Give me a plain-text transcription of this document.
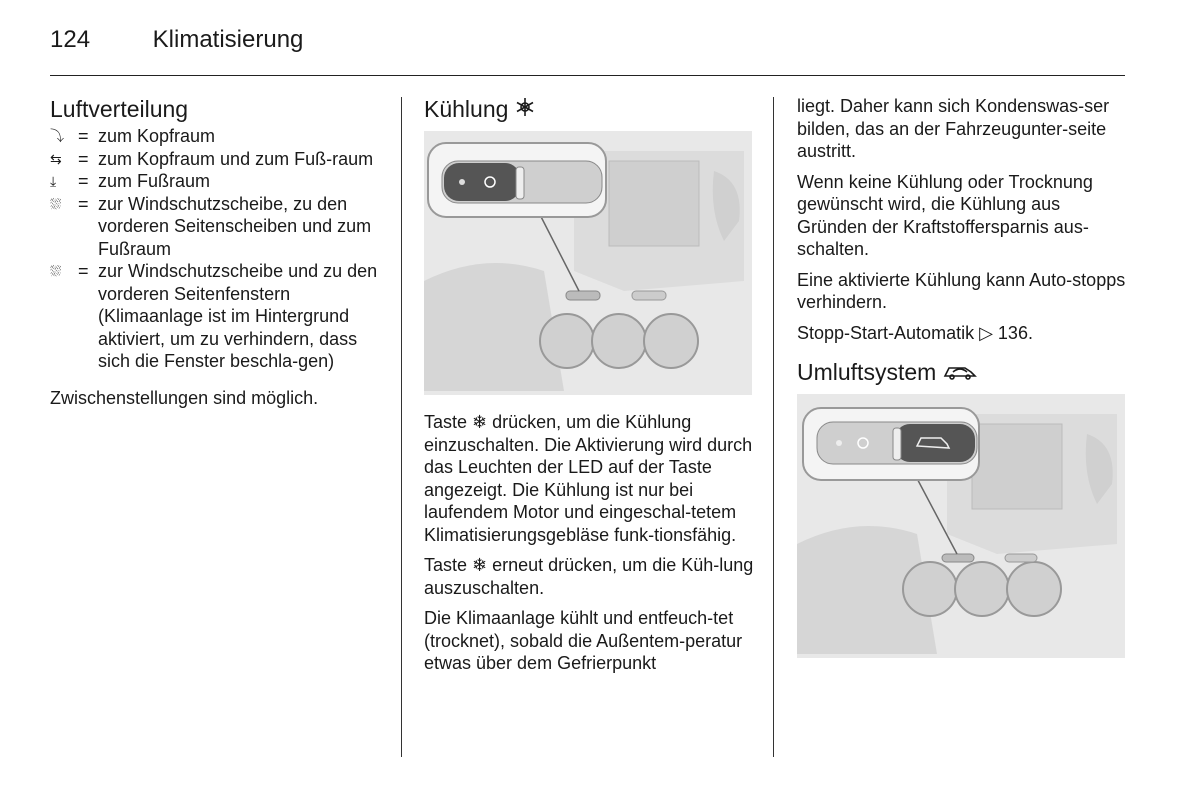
124	Klimatisierung
Luftverteilung
⤵ = zum Kopfraum
⇆ = zum Kopfraum und zum Fuß-raum
⤓	= zum Fußraum
⛆ = zur Windschutzscheibe, zu den vorderen Seitenscheiben und zum Fußraum
⛆ = zur Windschutzscheibe und zu den vorderen Seitenfenstern (Klimaanlage ist im Hintergrund aktiviert, um zu verhindern, dass sich die Fenster beschla-gen)

Zwischenstellungen sind möglich.

Kühlung

Taste ❄ drücken, um die Kühlung einzuschalten. Die Aktivierung wird durch das Leuchten der LED auf der Taste angezeigt. Die Kühlung ist nur bei laufendem Motor und eingeschal-tetem Klimatisierungsgebläse funk-tionsfähig.

Taste ❄ erneut drücken, um die Küh-lung auszuschalten.

Die Klimaanlage kühlt und entfeuch-tet (trocknet), sobald die Außentem-peratur etwas über dem Gefrierpunkt

liegt. Daher kann sich Kondenswas-ser bilden, das an der Fahrzeugunter-seite austritt.

Wenn keine Kühlung oder Trocknung gewünscht wird, die Kühlung aus Gründen der Kraftstoffersparnis aus-schalten.

Eine aktivierte Kühlung kann Auto-stopps verhindern.

Stopp-Start-Automatik ▷ 136.

Umluftsystem
